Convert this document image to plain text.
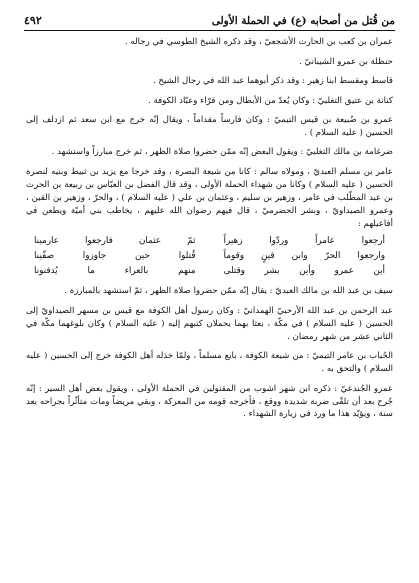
من قُتل من أصحابه (ع) في الحملة الأولى
٤٩٢

عمران بن كعب بن الحارث الأشجعيّ ، وقد ذكره الشيخ الطوسي في رجاله .

حنظلة بن عمرو الشيبانيّ .

قاسط ومقسط ابنا زهير : وقد ذكر أبوهما عبد الله في رجال الشيخ .

كنانة بن عتيق التغلبيّ : وكان يُعدّ من الأبطال ومن قرّاء وعبّاد الكوفة .

عمرو بن ضُبيعة بن قيس التيميّ : وكان فارساً مقداماً ، ويقال إنّه خرج مع ابن سعد ثم ازدلف إلى الحسين ( عليه السلام ) .

ضرغامة بن مالك التغلبيّ : ويقول البعض إنّه ممّن حضروا صلاة الظهر ، ثم خرج مبارزاً واستشهد .

عامر بن مسلم العبديّ ، ومولاه سالم : كانا من شيعة البصرة ، وقد خرجا مع يزيد بن ثبيط وبنيه لنصرة الحسين ( عليه السلام ) وكانا من شهداء الحملة الأولى ، وقد قال الفضل بن العبّاس بن ربيعة بن الحرث بن عبد المطّلب في عامر ، وزهير بن سليم ، وعثمان بن علي ( عليه السلام ) ، والحرّ ، وزهير بن القين ، وعمرو الصيداويّ ، وبشر الحضرميّ ، قال فيهم رضوان الله عليهم ، يخاطب بني أميّة ويطعن في أفاعيلهم :

أرجعوا عامراً وردّوا زهيراً
ثمّ عثمان فارجعوا عارمينا
وارجعوا الحرّ وابن قينٍ وقوماً
قُتلوا حين جاوزوا صفّينا
أين عمرو وأين بشر وقتلى
منهم بالعراء ما يُدفنونا

سيف بن عبد الله بن مالك العبديّ : يقال إنّه ممّن حضروا صلاة الظهر ، ثمّ استشهد بالمبارزة .

عبد الرحمن بن عبد الله الأرحبيّ الهمدانيّ : وكان رسول أهل الكوفة مع قيس بن مسهر الصيداويّ إلى الحسين ( عليه السلام ) في مكّة ، بعثا بهما يحملان كتبهم إليه ( عليه السلام ) وكان بلوغهما مكّة في الثاني عشر من شهر رمضان .

الحُباب بن عامر التيميّ : من شيعة الكوفة ، بايع مسلماً ، ولمّا خذله أهل الكوفة خرج إلى الحسين ( عليه السلام ) والتحق به .

عمرو الجُندعيّ : ذكره ابن شهر اشوب من المقتولين في الحملة الأولى ، ويقول بعض أهل السير : إنّه جُرح بعد أن تلقّى ضربة شديدة ووقع ، فأخرجه قومه من المعركة ، وبقي مريضاً ومات متأثّراً بجراحه بعد سنة ، ويؤيّد هذا ما ورد في زيارة الشهداء .
